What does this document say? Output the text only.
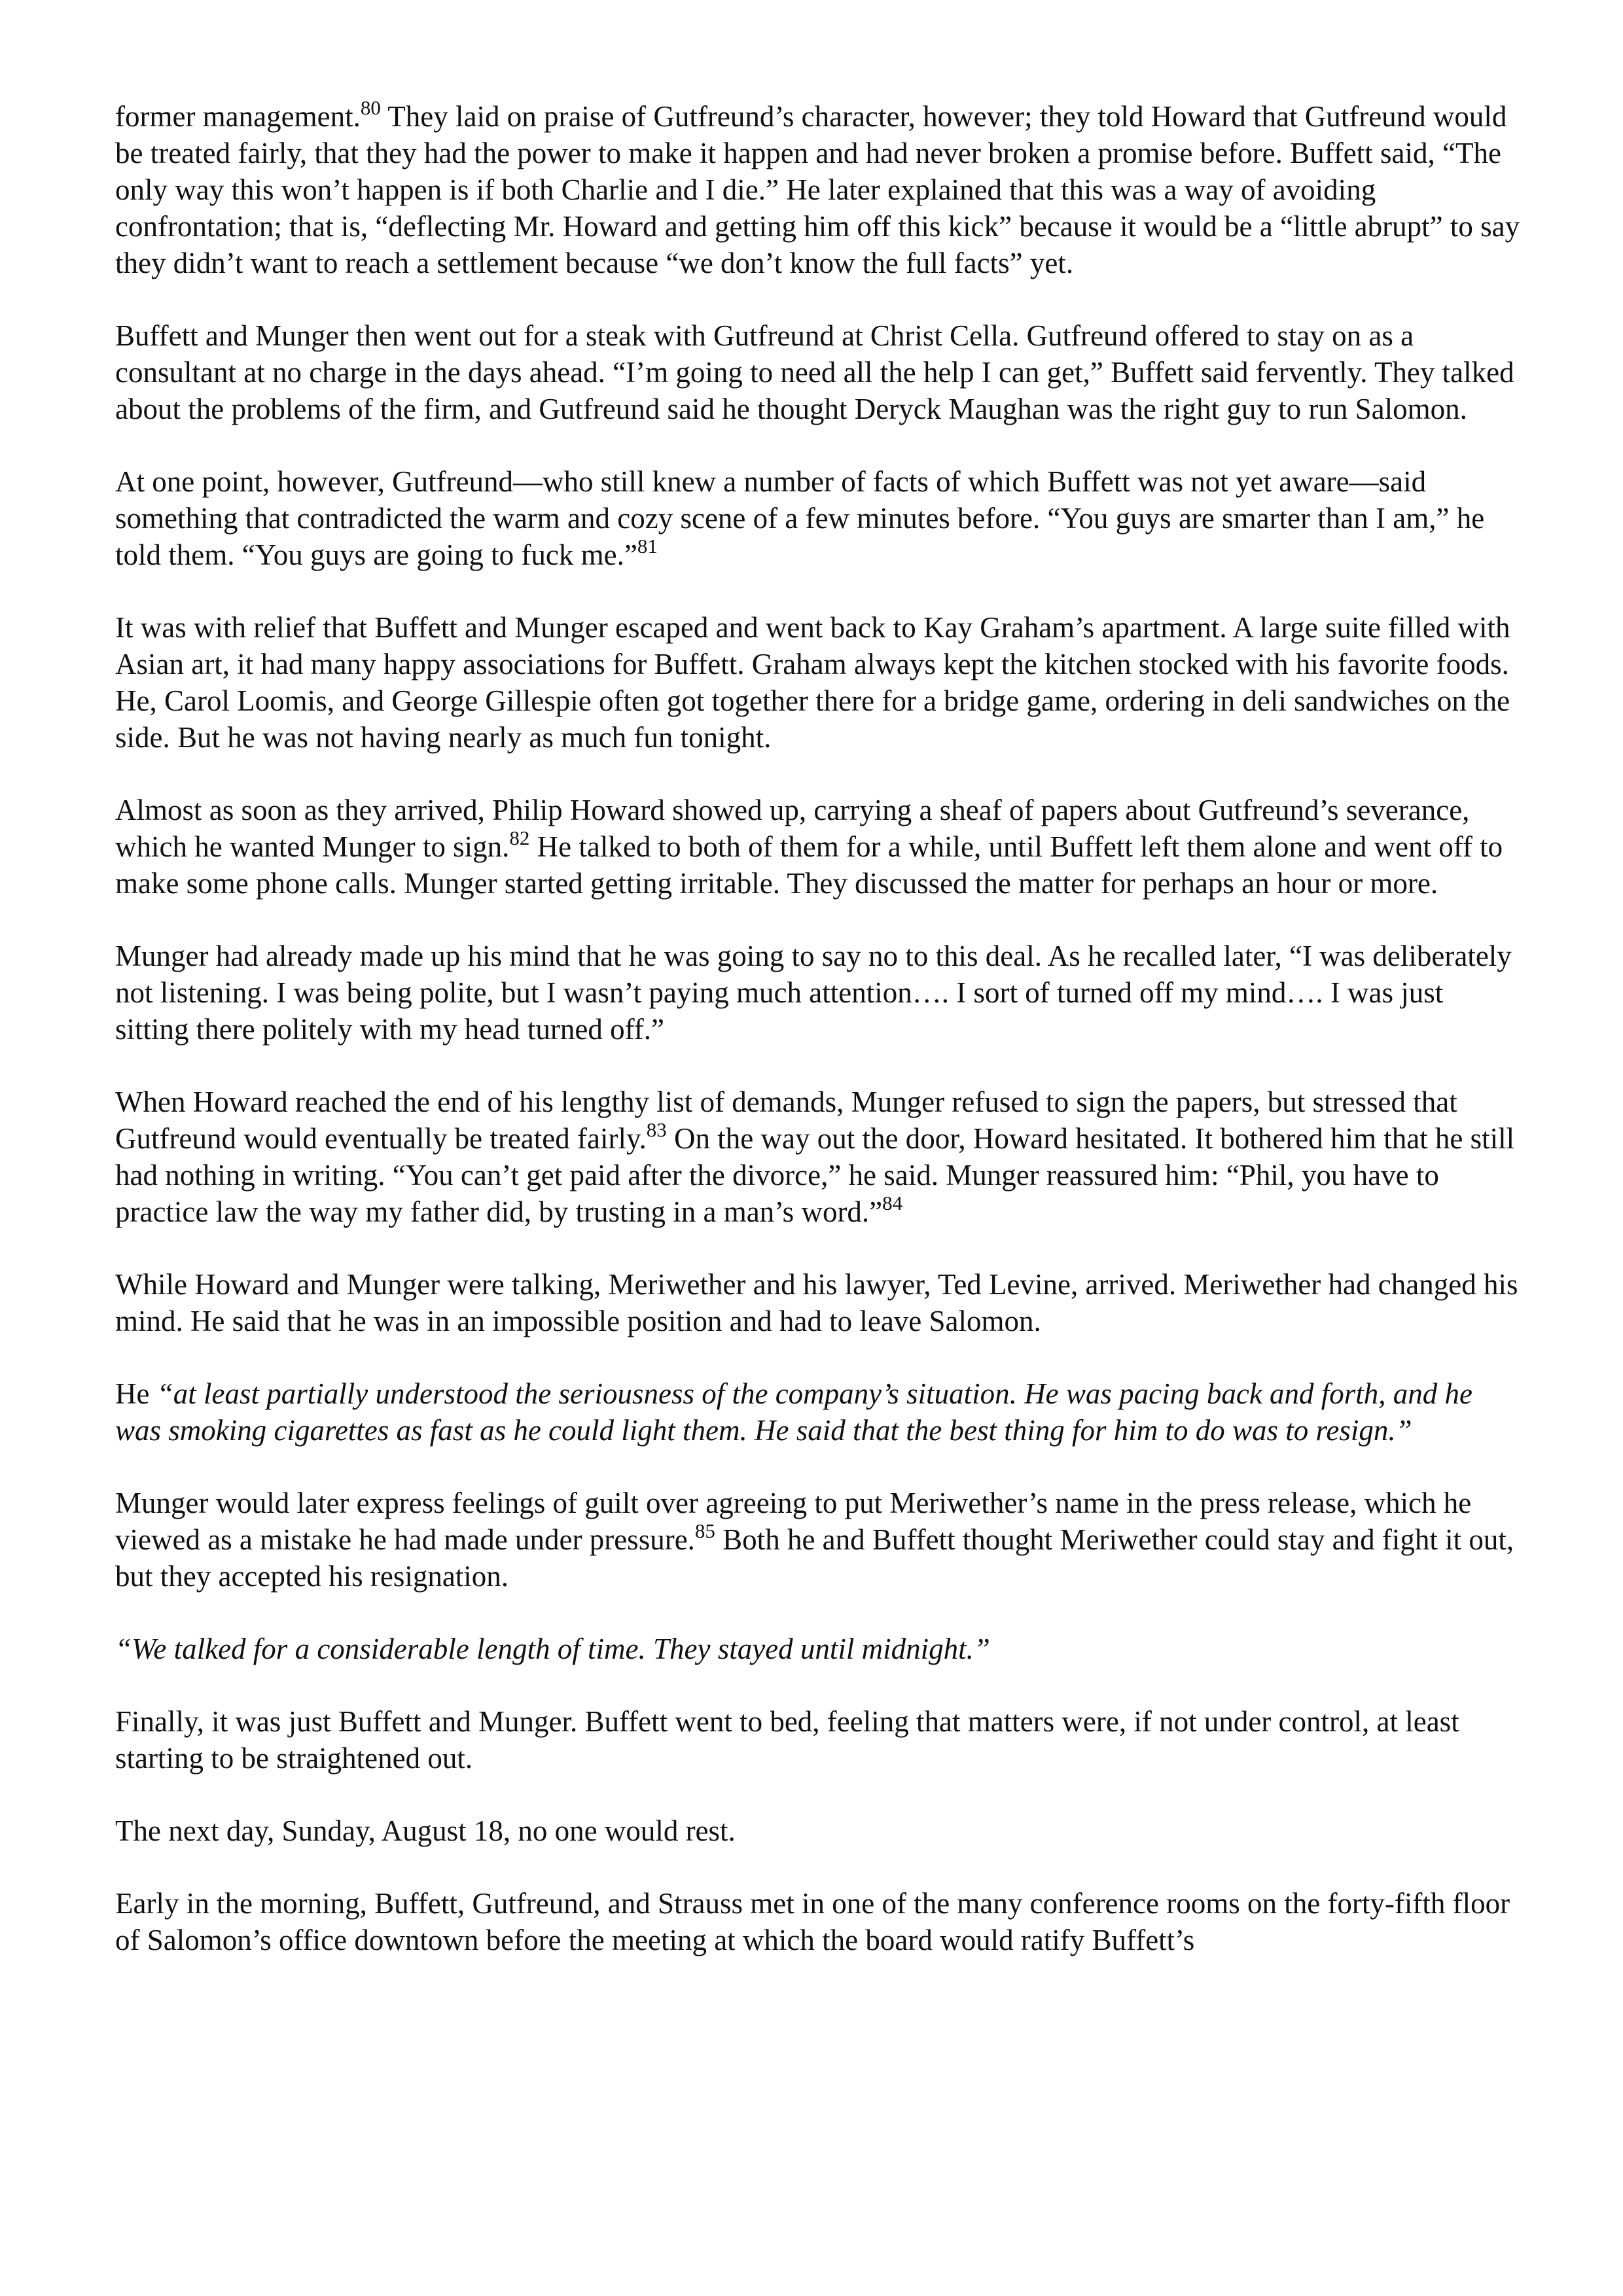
former management.$^{80}$ They laid on praise of Gutfreund’s character, however; they told Howard that Gutfreund would be treated fairly, that they had the power to make it happen and had never broken a promise before. Buffett said, “The only way this won’t happen is if both Charlie and I die.” He later explained that this was a way of avoiding confrontation; that is, “deflecting Mr. Howard and getting him off this kick” because it would be a “little abrupt” to say they didn’t want to reach a settlement because “we don’t know the full facts” yet.

Buffett and Munger then went out for a steak with Gutfreund at Christ Cella. Gutfreund offered to stay on as a consultant at no charge in the days ahead. “I’m going to need all the help I can get,” Buffett said fervently. They talked about the problems of the firm, and Gutfreund said he thought Deryck Maughan was the right guy to run Salomon.

At one point, however, Gutfreund—who still knew a number of facts of which Buffett was not yet aware—said something that contradicted the warm and cozy scene of a few minutes before. “You guys are smarter than I am,” he told them. “You guys are going to fuck me.”$^{81}$

It was with relief that Buffett and Munger escaped and went back to Kay Graham’s apartment. A large suite filled with Asian art, it had many happy associations for Buffett. Graham always kept the kitchen stocked with his favorite foods. He, Carol Loomis, and George Gillespie often got together there for a bridge game, ordering in deli sandwiches on the side. But he was not having nearly as much fun tonight.

Almost as soon as they arrived, Philip Howard showed up, carrying a sheaf of papers about Gutfreund’s severance, which he wanted Munger to sign.$^{82}$ He talked to both of them for a while, until Buffett left them alone and went off to make some phone calls. Munger started getting irritable. They discussed the matter for perhaps an hour or more.

Munger had already made up his mind that he was going to say no to this deal. As he recalled later, “I was deliberately not listening. I was being polite, but I wasn’t paying much attention…. I sort of turned off my mind…. I was just sitting there politely with my head turned off.”

When Howard reached the end of his lengthy list of demands, Munger refused to sign the papers, but stressed that Gutfreund would eventually be treated fairly.$^{83}$ On the way out the door, Howard hesitated. It bothered him that he still had nothing in writing. “You can’t get paid after the divorce,” he said. Munger reassured him: “Phil, you have to practice law the way my father did, by trusting in a man’s word.”$^{84}$

While Howard and Munger were talking, Meriwether and his lawyer, Ted Levine, arrived. Meriwether had changed his mind. He said that he was in an impossible position and had to leave Salomon.

He “at least partially understood the seriousness of the company’s situation. He was pacing back and forth, and he was smoking cigarettes as fast as he could light them. He said that the best thing for him to do was to resign.”

Munger would later express feelings of guilt over agreeing to put Meriwether’s name in the press release, which he viewed as a mistake he had made under pressure.$^{85}$ Both he and Buffett thought Meriwether could stay and fight it out, but they accepted his resignation.

“We talked for a considerable length of time. They stayed until midnight.”

Finally, it was just Buffett and Munger. Buffett went to bed, feeling that matters were, if not under control, at least starting to be straightened out.

The next day, Sunday, August 18, no one would rest.

Early in the morning, Buffett, Gutfreund, and Strauss met in one of the many conference rooms on the forty-fifth floor of Salomon’s office downtown before the meeting at which the board would ratify Buffett’s
